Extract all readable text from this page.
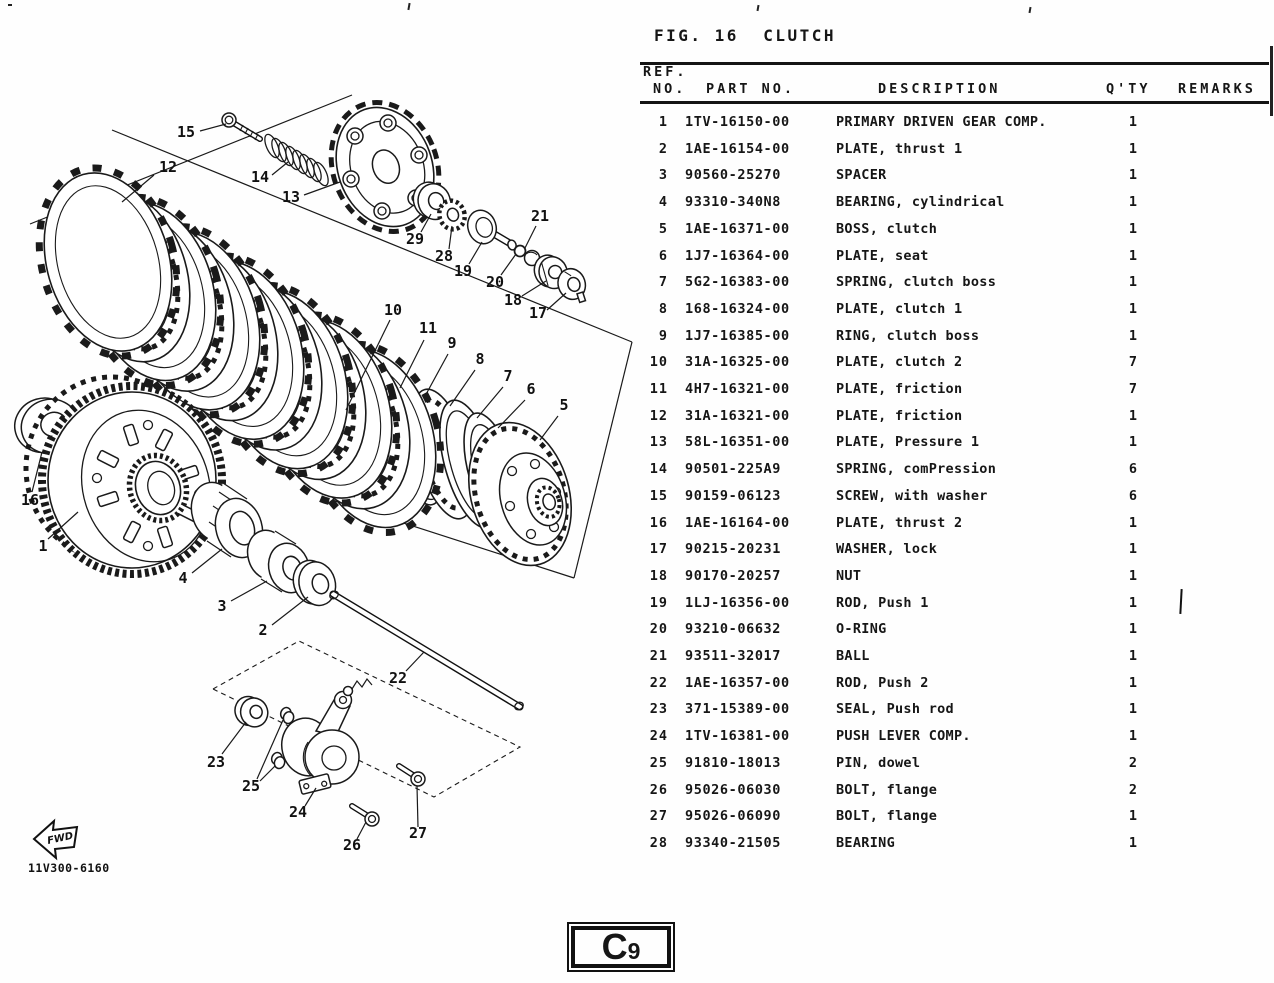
FWD
11V300-6160
15
14
13
12
29
28
19
20
21
18
17
10
11
9
8
7
6
5
16
1
4
3
2
22
23
25
24
26
27
FIG. 16  CLUTCH
REF.
NO. PART NO.	DESCRIPTION	Q'TY REMARKS
1 1TV-16150-00	PRIMARY DRIVEN GEAR COMP.	1
2 1AE-16154-00	PLATE, thrust 1	1
3 90560-25270	SPACER	1
4 93310-340N8	BEARING, cylindrical	1
5 1AE-16371-00	BOSS, clutch	1
6 1J7-16364-00	PLATE, seat	1
7 5G2-16383-00	SPRING, clutch boss	1
8 168-16324-00	PLATE, clutch 1	1
9 1J7-16385-00	RING, clutch boss	1
10 31A-16325-00	PLATE, clutch 2	7
11 4H7-16321-00	PLATE, friction	7
12 31A-16321-00	PLATE, friction	1
13 58L-16351-00	PLATE, Pressure 1	1
14 90501-225A9	SPRING, comPression	6
15 90159-06123	SCREW, with washer	6
16 1AE-16164-00	PLATE, thrust 2	1
17 90215-20231	WASHER, lock	1
18 90170-20257	NUT	1
19 1LJ-16356-00	ROD, Push 1	1
20 93210-06632	O-RING	1
21 93511-32017	BALL	1
22 1AE-16357-00	ROD, Push 2	1
23 371-15389-00	SEAL, Push rod	1
24 1TV-16381-00	PUSH LEVER COMP.	1
25 91810-18013	PIN, dowel	2
26 95026-06030	BOLT, flange	2
27 95026-06090	BOLT, flange	1
28 93340-21505	BEARING	1
C9
